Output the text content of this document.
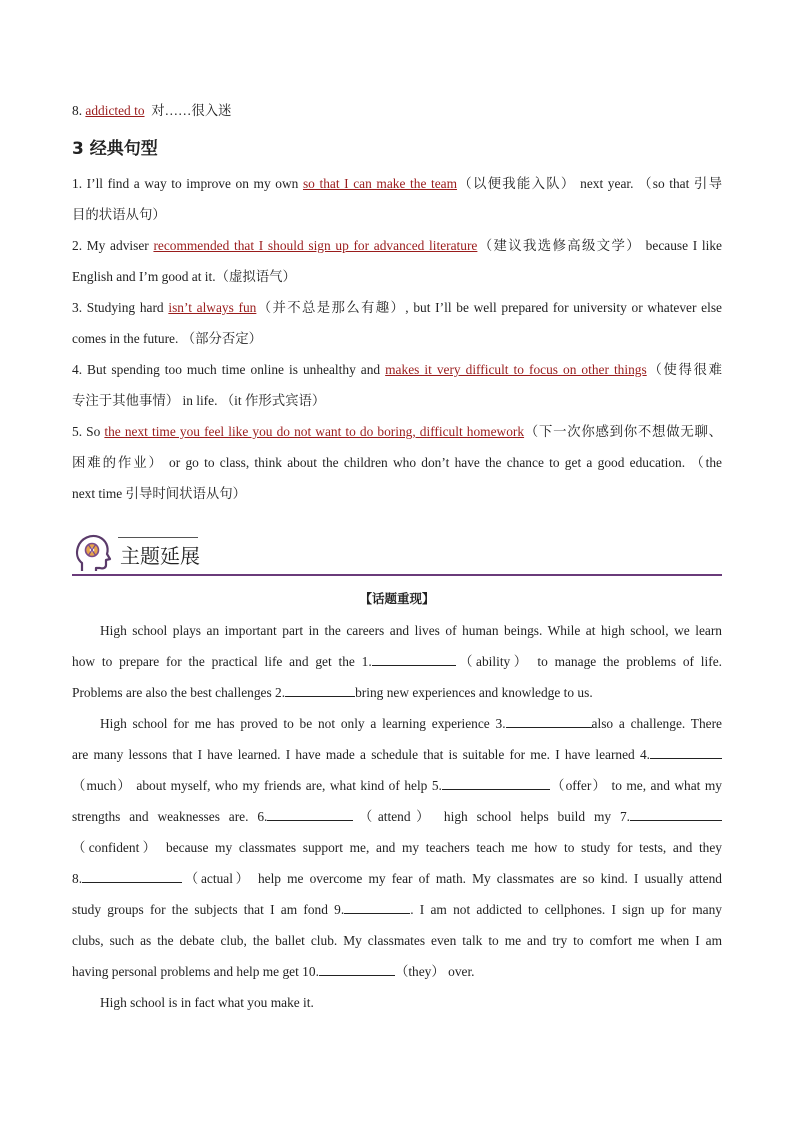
8. addicted to 对……很入迷
3 经典句型
1. I’ll find a way to improve on my own so that I can make the team（以便我能入队） next year. （so that 引导
目的状语从句）
2. My adviser recommended that I should sign up for advanced literature（建议我选修高级文学） because I like
English and I’m good at it.（虚拟语气）
3. Studying hard isn’t always fun（并不总是那么有趣）, but I’ll be well prepared for university or whatever else
comes in the future. （部分否定）
4. But spending too much time online is unhealthy and makes it very difficult to focus on other things（使得很难
专注于其他事情） in life. （it 作形式宾语）
5. So the next time you feel like you do not want to do boring, difficult homework（下一次你感到你不想做无聊、
困难的作业） or go to class, think about the children who don’t have the chance to get a good education. （the
next time 引导时间状语从句）
主题延展
【话题重现】
High school plays an important part in the careers and lives of human beings. While at high school, we learn
how to prepare for the practical life and get the 1.	（ability） to manage the problems of life.
Problems are also the best challenges 2.	bring new experiences and knowledge to us.
High school for me has proved to be not only a learning experience 3.	also a challenge. There
are many lessons that I have learned. I have made a schedule that is suitable for me. I have learned 4.
（much） about myself, who my friends are, what kind of help 5.	（offer） to me, and what my
strengths and weaknesses are. 6.	（attend） high school helps build my 7.
（confident） because my classmates support me, and my teachers teach me how to study for tests, and they
8.	（actual） help me overcome my fear of math. My classmates are so kind. I usually attend
study groups for the subjects that I am fond 9.	. I am not addicted to cellphones. I sign up for many
clubs, such as the debate club, the ballet club. My classmates even talk to me and try to comfort me when I am
having personal problems and help me get 10.	（they） over.
High school is in fact what you make it.
